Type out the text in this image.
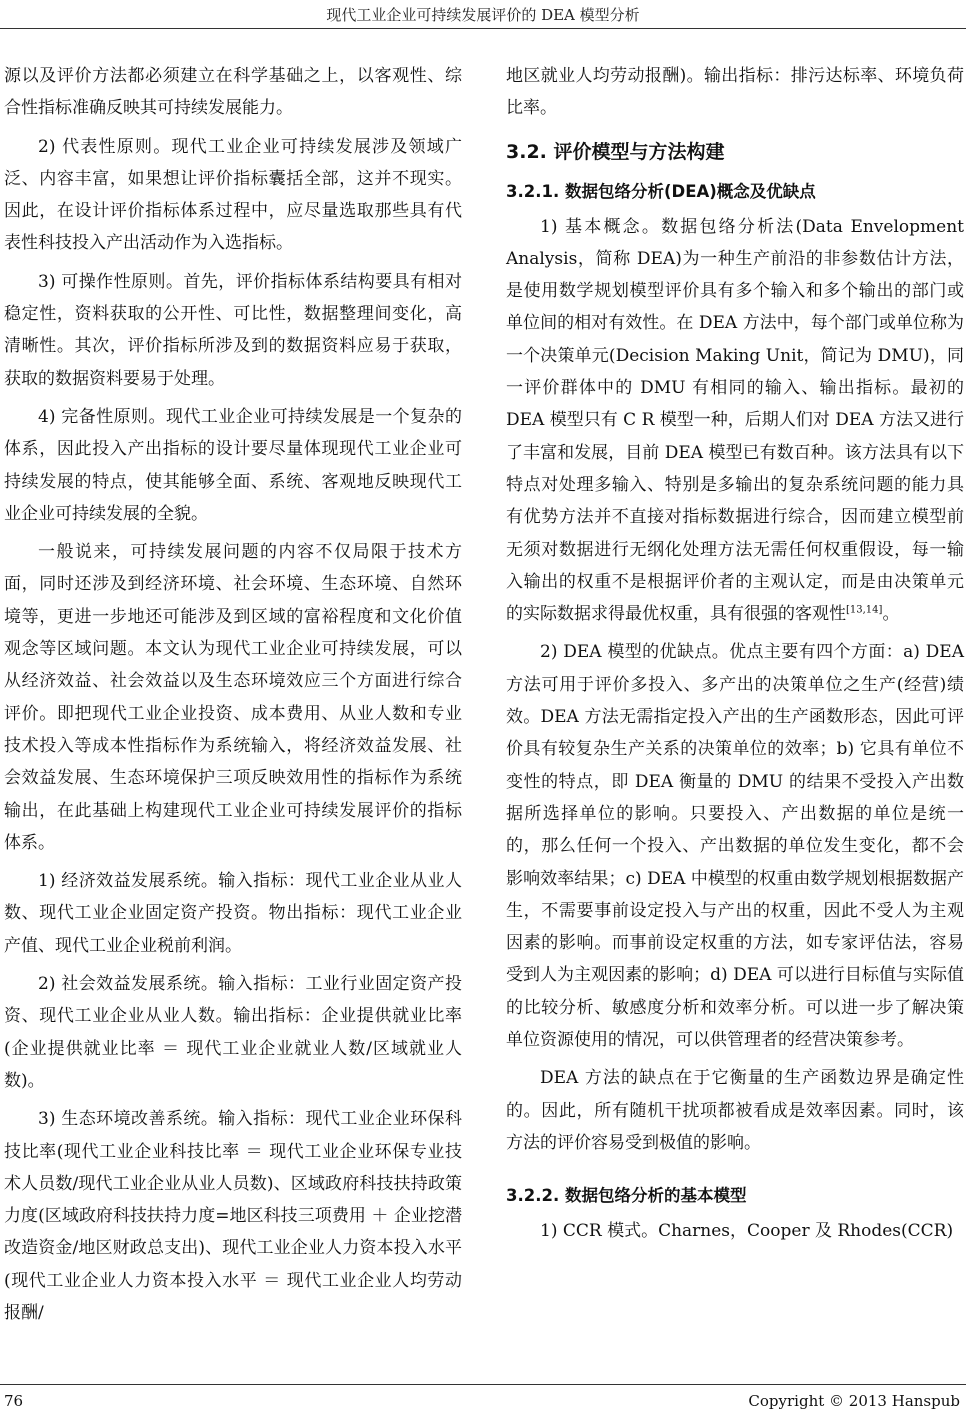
现代工业企业可持续发展评价的 DEA 模型分析

源以及评价方法都必须建立在科学基础之上，以客观性、综合性指标准确反映其可持续发展能力。

2) 代表性原则。现代工业企业可持续发展涉及领域广泛、内容丰富，如果想让评价指标囊括全部，这并不现实。因此，在设计评价指标体系过程中，应尽量选取那些具有代表性科技投入产出活动作为入选指标。

3) 可操作性原则。首先，评价指标体系结构要具有相对稳定性，资料获取的公开性、可比性，数据整理间变化，高清晰性。其次，评价指标所涉及到的数据资料应易于获取，获取的数据资料要易于处理。

4) 完备性原则。现代工业企业可持续发展是一个复杂的体系，因此投入产出指标的设计要尽量体现现代工业企业可持续发展的特点，使其能够全面、系统、客观地反映现代工业企业可持续发展的全貌。

一般说来，可持续发展问题的内容不仅局限于技术方面，同时还涉及到经济环境、社会环境、生态环境、自然环境等，更进一步地还可能涉及到区域的富裕程度和文化价值观念等区域问题。本文认为现代工业企业可持续发展，可以从经济效益、社会效益以及生态环境效应三个方面进行综合评价。即把现代工业企业投资、成本费用、从业人数和专业技术投入等成本性指标作为系统输入，将经济效益发展、社会效益发展、生态环境保护三项反映效用性的指标作为系统输出，在此基础上构建现代工业企业可持续发展评价的指标体系。

1) 经济效益发展系统。输入指标：现代工业企业从业人数、现代工业企业固定资产投资。物出指标：现代工业企业产值、现代工业企业税前利润。

2) 社会效益发展系统。输入指标：工业行业固定资产投资、现代工业企业从业人数。输出指标：企业提供就业比率(企业提供就业比率 ＝ 现代工业企业就业人数/区域就业人数)。

3) 生态环境改善系统。输入指标：现代工业企业环保科技比率(现代工业企业科技比率 ＝ 现代工业企业环保专业技术人员数/现代工业企业从业人员数)、区域政府科技扶持政策力度(区域政府科技扶持力度=地区科技三项费用 ＋ 企业挖潜改造资金/地区财政总支出)、现代工业企业人力资本投入水平(现代工业企业人力资本投入水平 ＝ 现代工业企业人均劳动报酬/

地区就业人均劳动报酬)。输出指标：排污达标率、环境负荷比率。

3.2. 评价模型与方法构建
3.2.1. 数据包络分析(DEA)概念及优缺点

1) 基本概念。数据包络分析法(Data Envelopment Analysis，简称 DEA)为一种生产前沿的非参数估计方法，是使用数学规划模型评价具有多个输入和多个输出的部门或单位间的相对有效性。在 DEA 方法中，每个部门或单位称为一个决策单元(Decision Making Unit，简记为 DMU)，同一评价群体中的 DMU 有相同的输入、输出指标。最初的 DEA 模型只有 C R 模型一种，后期人们对 DEA 方法又进行了丰富和发展，目前 DEA 模型已有数百种。该方法具有以下特点对处理多输入、特别是多输出的复杂系统问题的能力具有优势方法并不直接对指标数据进行综合，因而建立模型前无须对数据进行无纲化处理方法无需任何权重假设，每一输入输出的权重不是根据评价者的主观认定，而是由决策单元的实际数据求得最优权重，具有很强的客观性[13,14]。

2) DEA 模型的优缺点。优点主要有四个方面：a) DEA 方法可用于评价多投入、多产出的决策单位之生产(经营)绩效。DEA 方法无需指定投入产出的生产函数形态，因此可评价具有较复杂生产关系的决策单位的效率；b) 它具有单位不变性的特点，即 DEA 衡量的 DMU 的结果不受投入产出数据所选择单位的影响。只要投入、产出数据的单位是统一的，那么任何一个投入、产出数据的单位发生变化，都不会影响效率结果；c) DEA 中模型的权重由数学规划根据数据产生，不需要事前设定投入与产出的权重，因此不受人为主观因素的影响。而事前设定权重的方法，如专家评估法，容易受到人为主观因素的影响；d) DEA 可以进行目标值与实际值的比较分析、敏感度分析和效率分析。可以进一步了解决策单位资源使用的情况，可以供管理者的经营决策参考。

DEA 方法的缺点在于它衡量的生产函数边界是确定性的。因此，所有随机干扰项都被看成是效率因素。同时，该方法的评价容易受到极值的影响。

3.2.2. 数据包络分析的基本模型

1) CCR 模式。Charnes，Cooper 及 Rhodes(CCR)

76	Copyright © 2013 Hanspub
